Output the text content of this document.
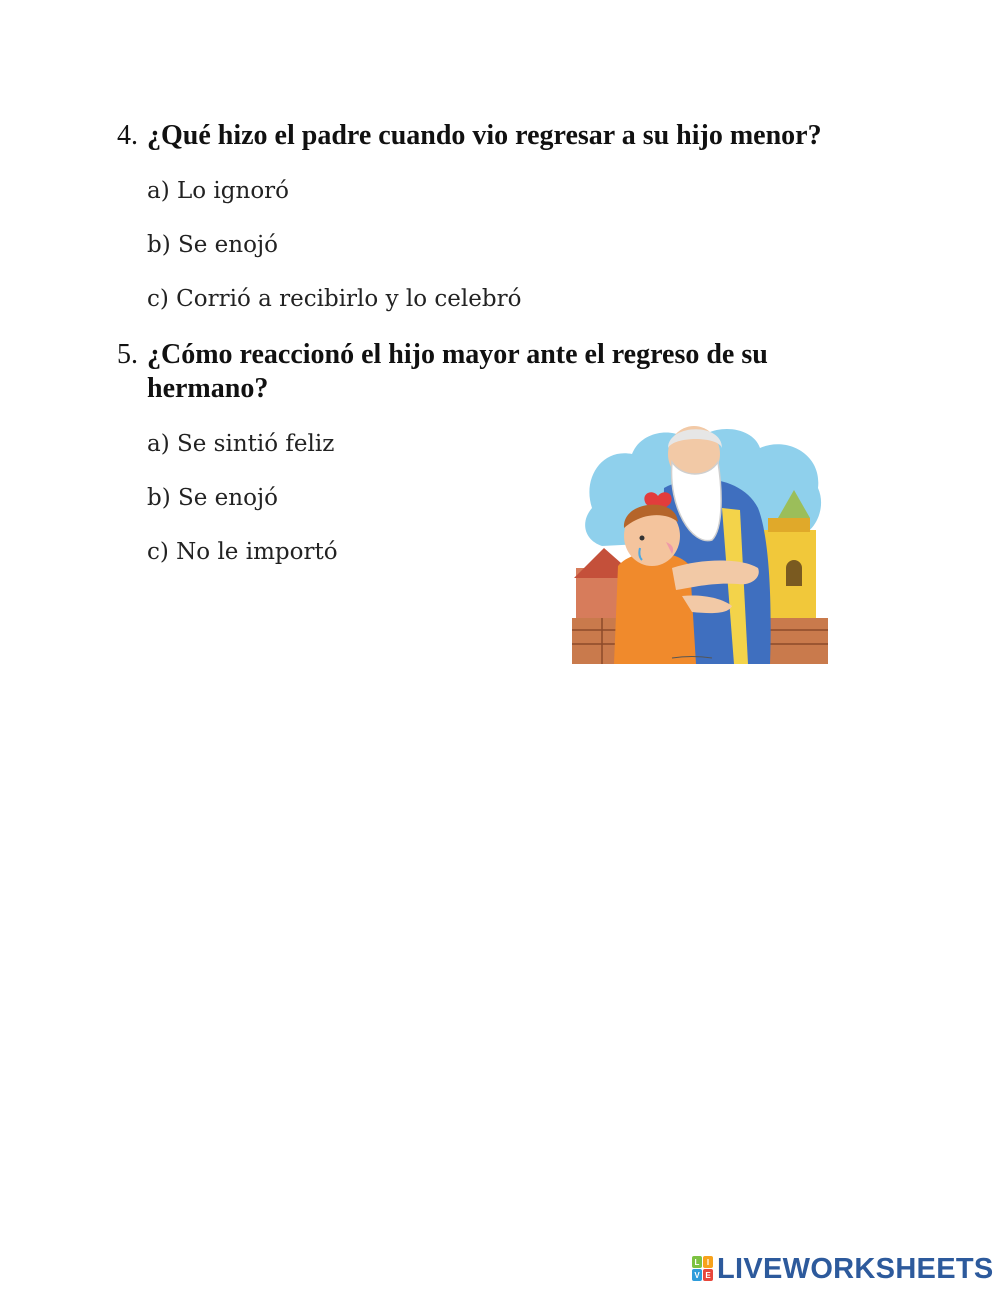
4. ¿Qué hizo el padre cuando vio regresar a su hijo menor?
a) Lo ignoró
b) Se enojó
c) Corrió a recibirlo y lo celebró
5. ¿Cómo reaccionó el hijo mayor ante el regreso de su
hermano?
a) Se sintió feliz
b) Se enojó
c) No le importó
L I
V E LIVEWORKSHEETS
